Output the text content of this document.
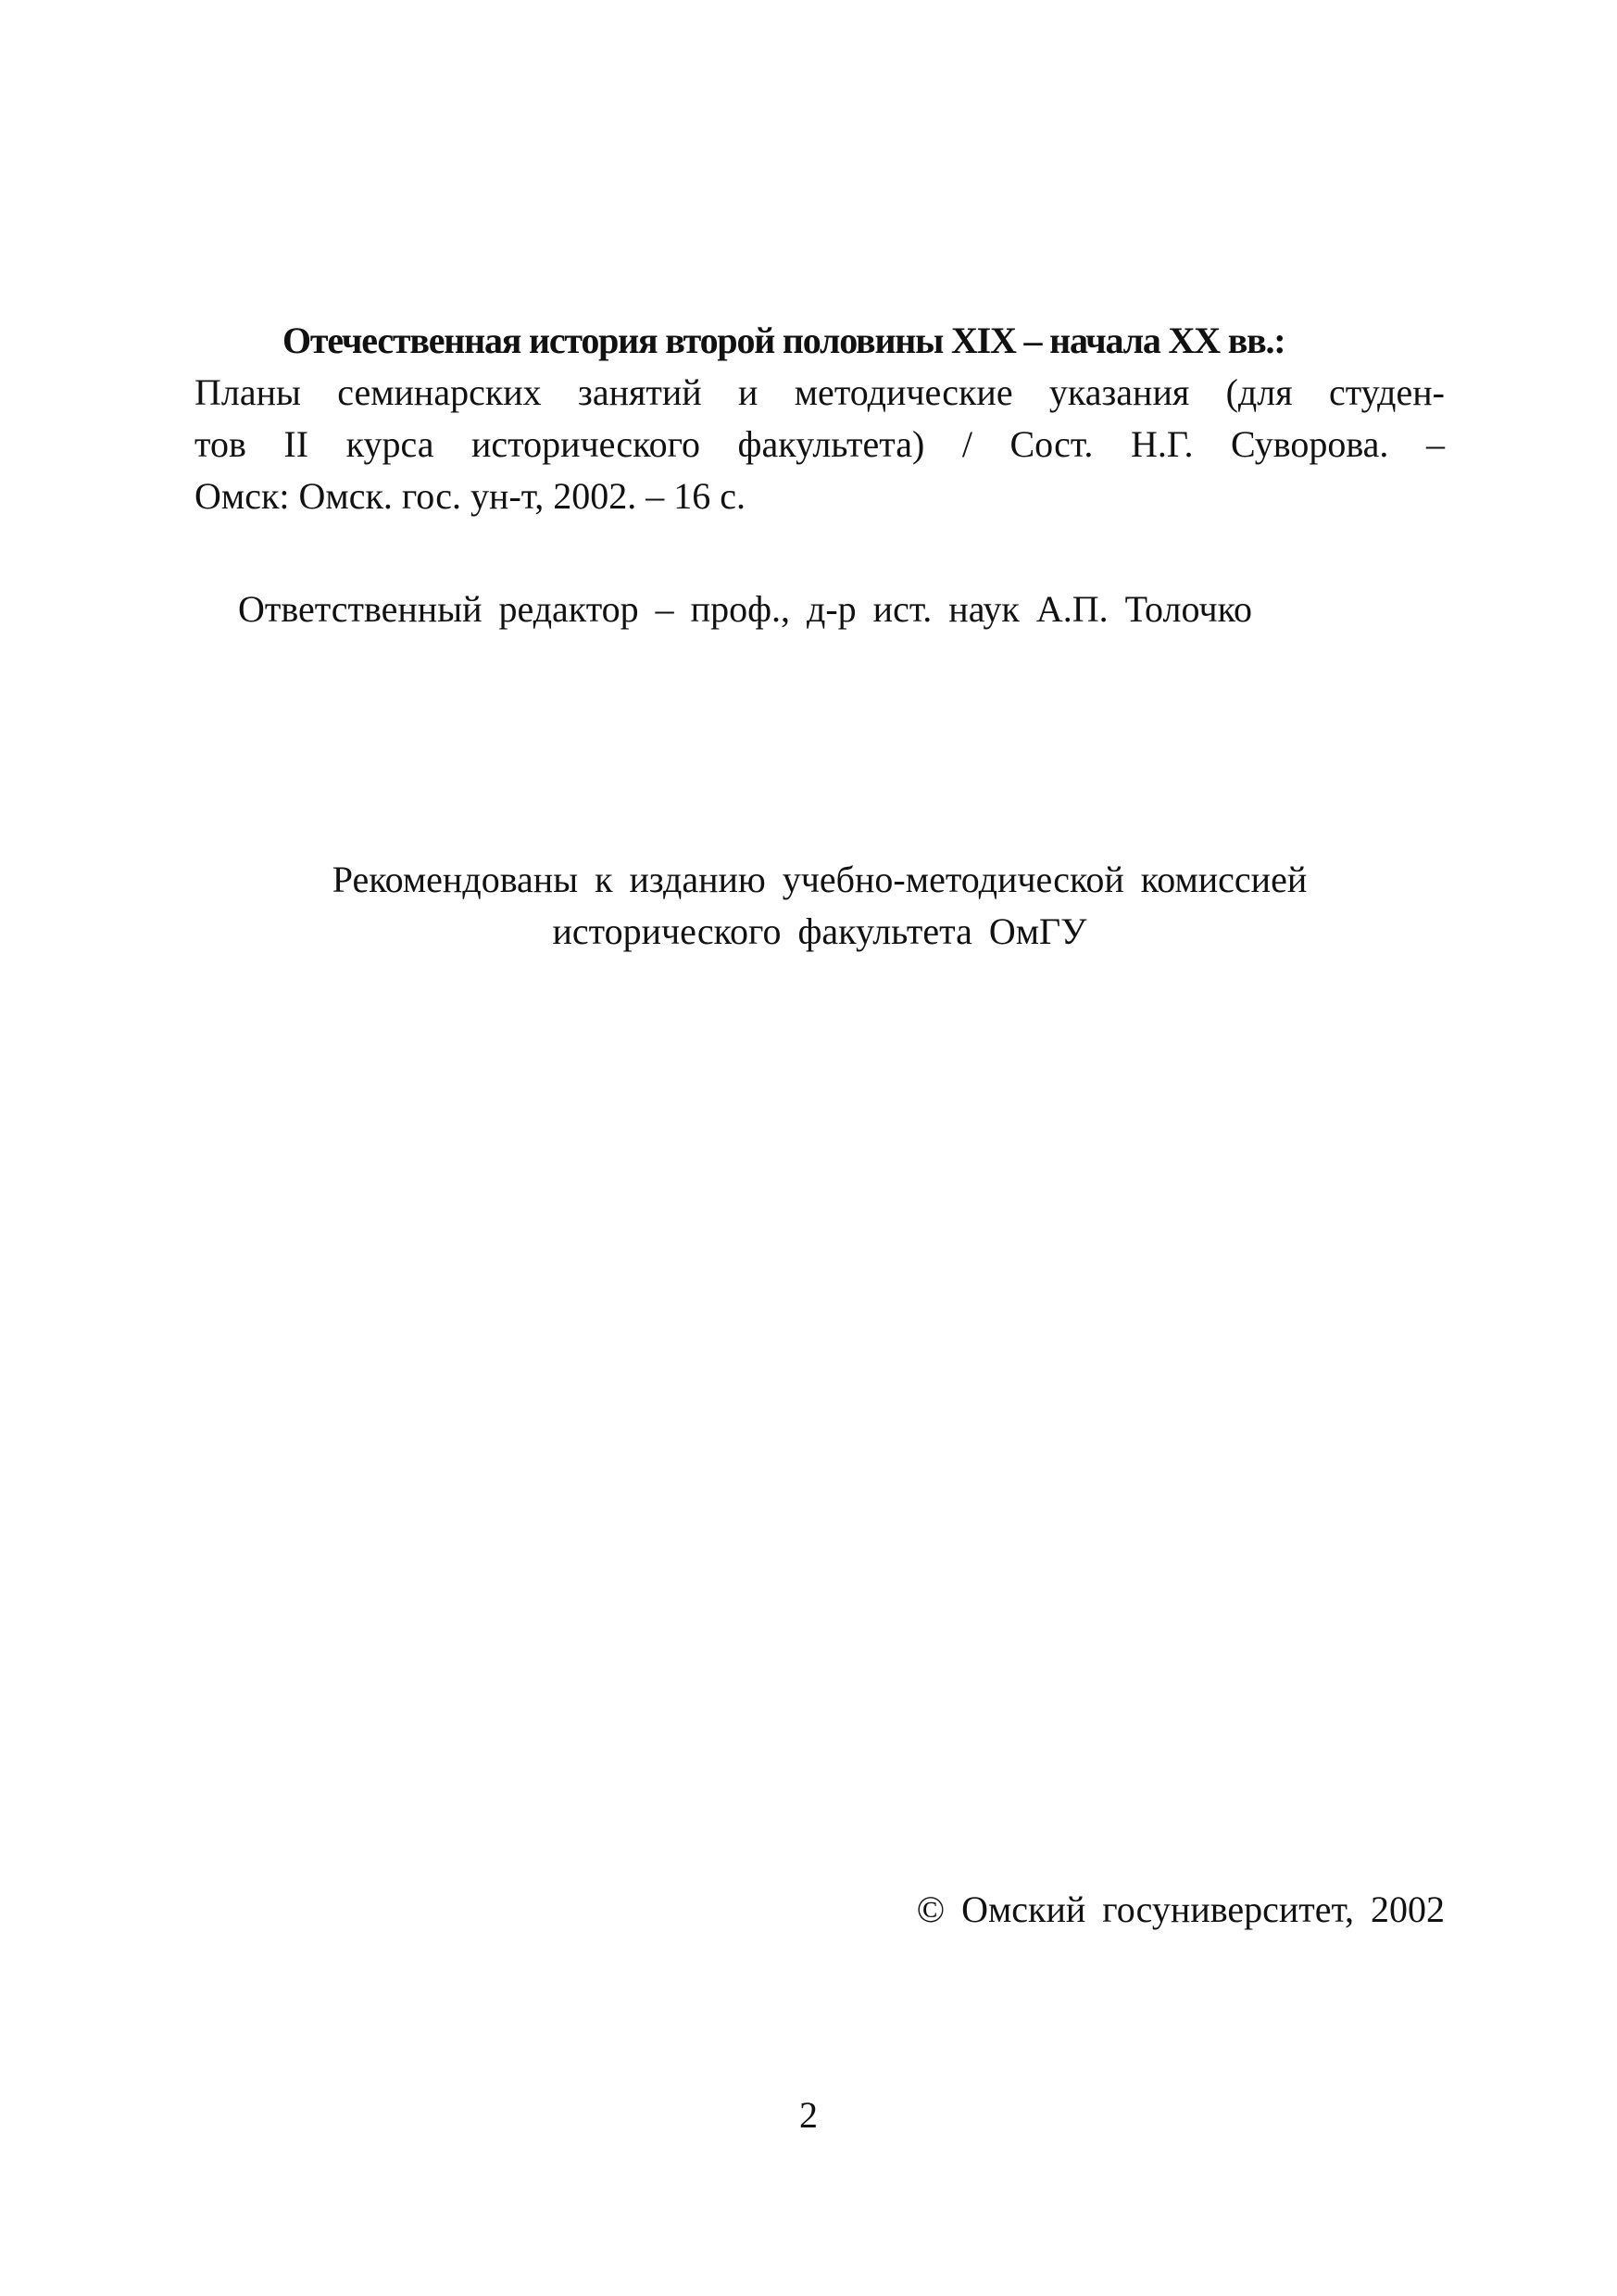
Отечественная история второй половины XIX – начала XX вв.:
Планы семинарских занятий и методические указания (для студен-
тов II курса исторического факультета) / Сост. Н.Г. Суворова. –
Омск: Омск. гос. ун-т, 2002. – 16 с.
Ответственный редактор – проф., д-р ист. наук А.П. Толочко
Рекомендованы к изданию учебно-методической комиссией
исторического факультета ОмГУ
© Омский госуниверситет, 2002
2
